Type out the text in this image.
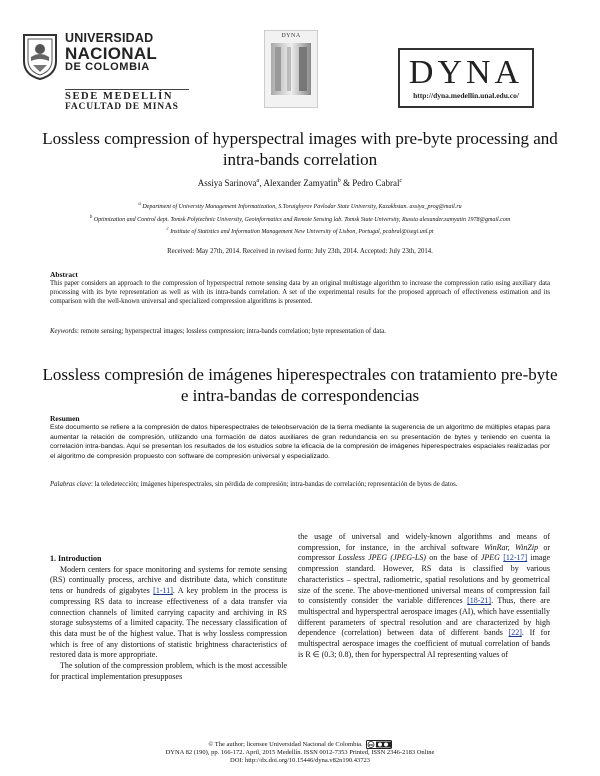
UNIVERSIDAD
NACIONAL
DE COLOMBIA
SEDE MEDELLÍN
FACULTAD DE MINAS
DYNA
DYNA
http://dyna.medellin.unal.edu.co/
Lossless compression of hyperspectral images with pre-byte processing and intra-bands correlation
Assiya Sarinova$^a$, Alexander Zamyatin$^b$ & Pedro Cabral$^c$

$^a$ Department of University Management Informatization, S.Toraighyrov Pavlodar State University, Kazakhstan. assiya_prog@mail.ru

$^b$ Optimization and Control dept. Tomsk Polytechnic University, Geoinformatics and Remote Sensing lab. Tomsk State University, Russia alexander.zamyatin 1978@gmail.com

$^c$ Institute of Statistics and Information Management New University of Lisbon, Portugal, pcabral@isegi.unl.pt

Received: May 27th, 2014. Received in revised form: July 23th, 2014. Accepted: July 23th, 2014.
Abstract
This paper considers an approach to the compression of hyperspectral remote sensing data by an original multistage algorithm to increase the compression ratio using auxiliary data processing with its byte representation as well as with its intra-bands correlation. A set of the experimental results for the proposed approach of effectiveness estimation and its comparison with the well-known universal and specialized compression algorithms is presented.
Keywords: remote sensing; hyperspectral images; lossless compression; intra-bands correlation; byte representation of data.
Lossless compresión de imágenes hiperespectrales con tratamiento pre-byte e intra-bandas de correspondencias
Resumen
Este documento se refiere a la compresión de datos hiperespectrales de teleobservación de la tierra mediante la sugerencia de un algoritmo de múltiples etapas para aumentar la relación de compresión, utilizando una formación de datos auxiliares de gran redundancia en su presentación de bytes y teniendo en cuenta la correlación intra-bandas. Aquí se presentan los resultados de los estudios sobre la eficacia de la compresión de imágenes hiperespectrales espaciales realizadas por el algoritmo de compresión propuesto con software de compresión universal y especializado.
Palabras clave: la teledetección; imágenes hiperespectrales, sin pérdida de compresión; intra-bandas de correlación; representación de bytes de datos.

1. Introduction

Modern centers for space monitoring and systems for remote sensing (RS) continually process, archive and distribute data, which constitute tens or hundreds of gigabytes [1-11]. A key problem in the process is compressing RS data to increase effectiveness of a data transfer via connection channels of limited carrying capacity and archiving in RS storage subsystems of a limited capacity. The necessary classification of this data must be of the highest value. That is why lossless compression which is free of any distortions of statistic brightness characteristics of restored data is more appropriate.

The solution of the compression problem, which is the most accessible for practical implementation presupposes

the usage of universal and widely-known algorithms and means of compression, for instance, in the archival software WinRar, WinZip or compressor Lossless JPEG (JPEG-LS) on the base of JPEG [12-17] image compression standard. However, RS data is classified by various characteristics – spectral, radiometric, spatial resolutions and by geometrical size of the scene. The above-mentioned universal means of compression fail to consistently consider the variable differences [18-21]. Thus, there are multispectral and hyperspectral aerospace images (AI), which have essentially different parameters of spectral resolution and are characterized by high dependence (correlation) between data of different bands [22]. If for multispectral aerospace images the coefficient of mutual correlation of bands is R ∈ (0.3; 0.8), then for hyperspectral AI representing values of

© The author; licensee Universidad Nacional de Colombia. cc

DYNA 82 (190), pp. 166-172. April, 2015 Medellín. ISSN 0012-7353 Printed, ISSN 2346-2183 Online

DOI: http://dx.doi.org/10.15446/dyna.v82n190.43723
